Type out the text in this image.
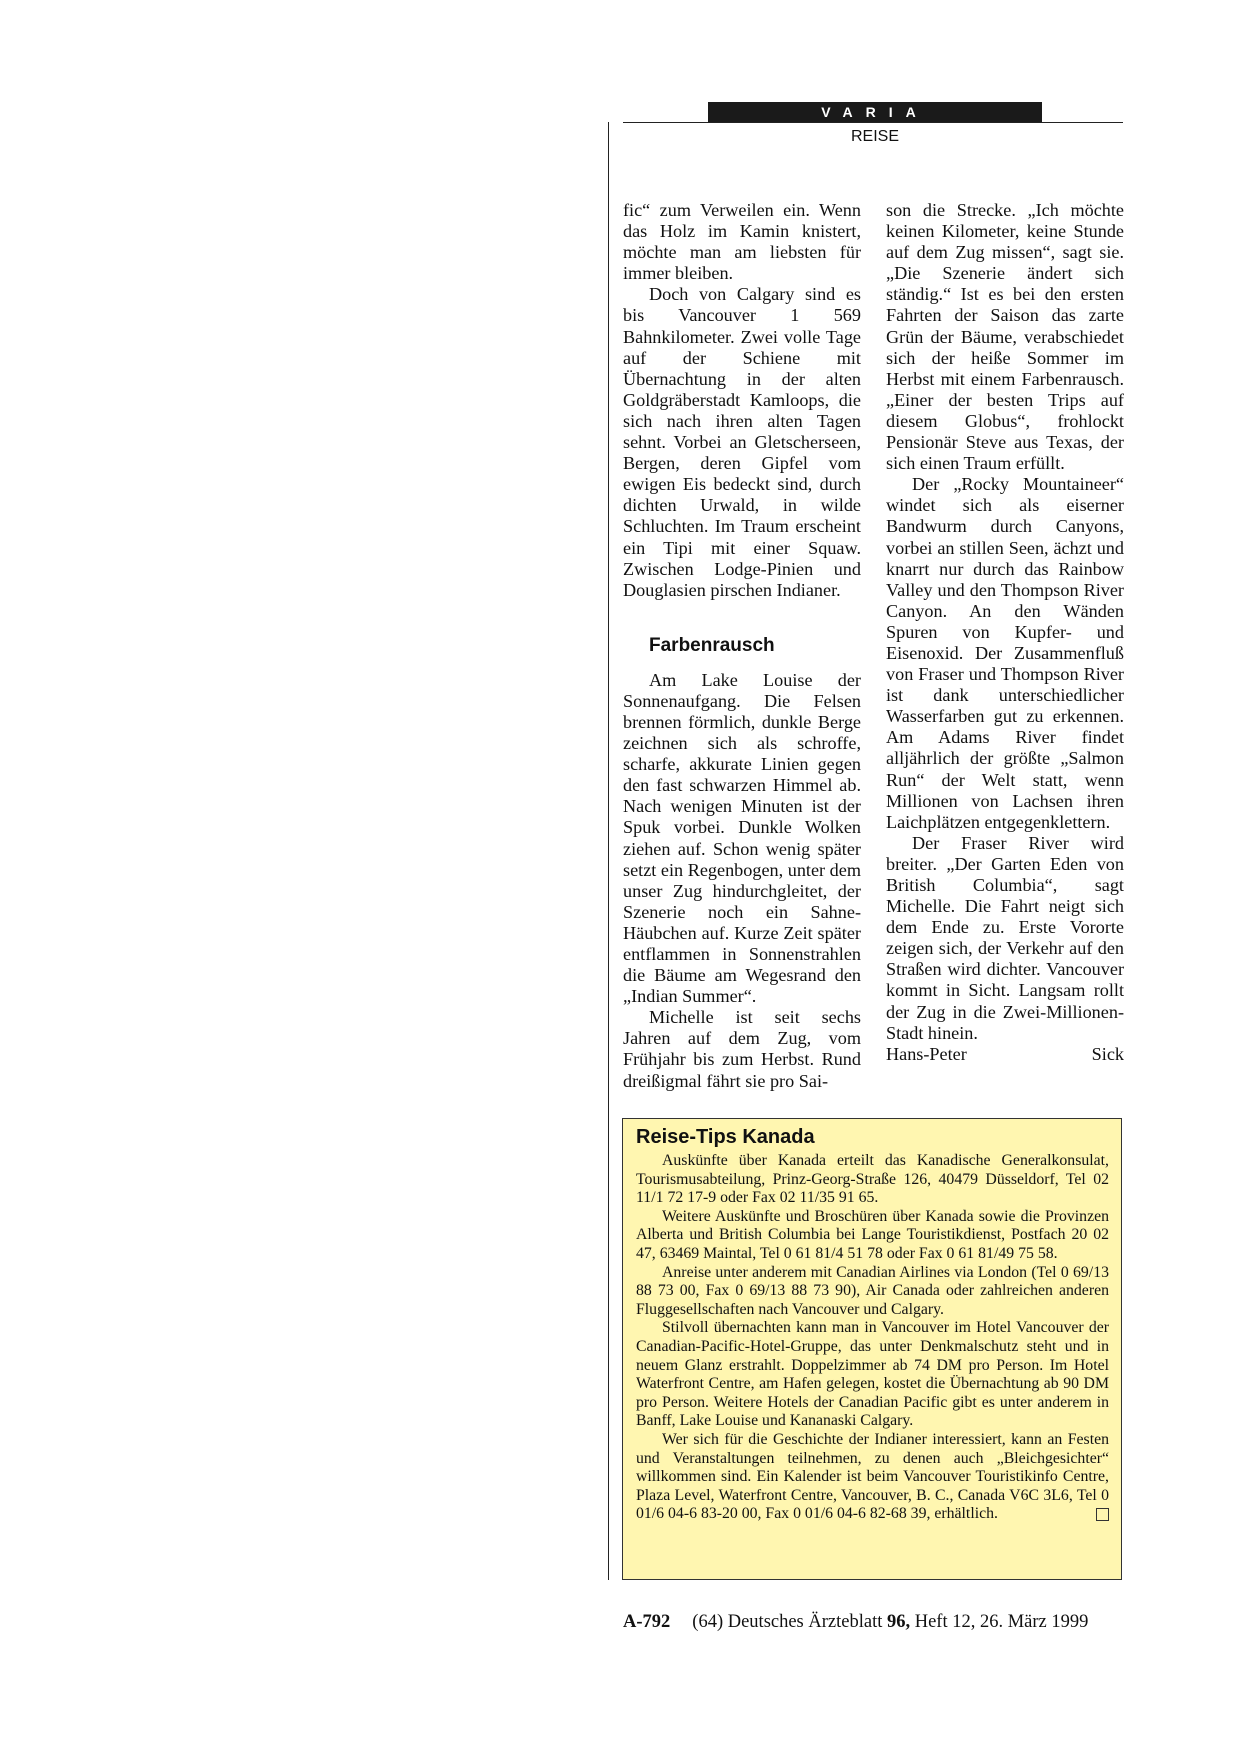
VARIA
REISE

fic“ zum Verweilen ein. Wenn das Holz im Kamin knistert, möchte man am liebsten für immer bleiben.

Doch von Calgary sind es bis Vancouver 1 569 Bahnkilometer. Zwei volle Tage auf der Schiene mit Übernachtung in der alten Goldgräberstadt Kamloops, die sich nach ihren alten Tagen sehnt. Vorbei an Gletscherseen, Bergen, deren Gipfel vom ewigen Eis bedeckt sind, durch dichten Urwald, in wilde Schluchten. Im Traum erscheint ein Tipi mit einer Squaw. Zwischen Lodge-Pinien und Douglasien pirschen Indianer.

Farbenrausch

Am Lake Louise der Sonnenaufgang. Die Felsen brennen förmlich, dunkle Berge zeichnen sich als schroffe, scharfe, akkurate Linien gegen den fast schwarzen Himmel ab. Nach wenigen Minuten ist der Spuk vorbei. Dunkle Wolken ziehen auf. Schon wenig später setzt ein Regenbogen, unter dem unser Zug hindurchgleitet, der Szenerie noch ein Sahne-Häubchen auf. Kurze Zeit später entflammen in Sonnenstrahlen die Bäume am Wegesrand den „Indian Summer“.

Michelle ist seit sechs Jahren auf dem Zug, vom Frühjahr bis zum Herbst. Rund dreißigmal fährt sie pro Sai-

son die Strecke. „Ich möchte keinen Kilometer, keine Stunde auf dem Zug missen“, sagt sie. „Die Szenerie ändert sich ständig.“ Ist es bei den ersten Fahrten der Saison das zarte Grün der Bäume, verabschiedet sich der heiße Sommer im Herbst mit einem Farbenrausch. „Einer der besten Trips auf diesem Globus“, frohlockt Pensionär Steve aus Texas, der sich einen Traum erfüllt.

Der „Rocky Mountaineer“ windet sich als eiserner Bandwurm durch Canyons, vorbei an stillen Seen, ächzt und knarrt nur durch das Rainbow Valley und den Thompson River Canyon. An den Wänden Spuren von Kupfer- und Eisenoxid. Der Zusammenfluß von Fraser und Thompson River ist dank unterschiedlicher Wasserfarben gut zu erkennen. Am Adams River findet alljährlich der größte „Salmon Run“ der Welt statt, wenn Millionen von Lachsen ihren Laichplätzen entgegenklettern.

Der Fraser River wird breiter. „Der Garten Eden von British Columbia“, sagt Michelle. Die Fahrt neigt sich dem Ende zu. Erste Vororte zeigen sich, der Verkehr auf den Straßen wird dichter. Vancouver kommt in Sicht. Langsam rollt der Zug in die Zwei-Millionen-Stadt hinein.

Hans-Peter Sick

Reise-Tips Kanada

Auskünfte über Kanada erteilt das Kanadische Generalkonsulat, Tourismusabteilung, Prinz-Georg-Straße 126, 40479 Düsseldorf, Tel 02 11/1 72 17-9 oder Fax 02 11/35 91 65.

Weitere Auskünfte und Broschüren über Kanada sowie die Provinzen Alberta und British Columbia bei Lange Touristikdienst, Postfach 20 02 47, 63469 Maintal, Tel 0 61 81/4 51 78 oder Fax 0 61 81/49 75 58.

Anreise unter anderem mit Canadian Airlines via London (Tel 0 69/13 88 73 00, Fax 0 69/13 88 73 90), Air Canada oder zahlreichen anderen Fluggesellschaften nach Vancouver und Calgary.

Stilvoll übernachten kann man in Vancouver im Hotel Vancouver der Canadian-Pacific-Hotel-Gruppe, das unter Denkmalschutz steht und in neuem Glanz erstrahlt. Doppelzimmer ab 74 DM pro Person. Im Hotel Waterfront Centre, am Hafen gelegen, kostet die Übernachtung ab 90 DM pro Person. Weitere Hotels der Canadian Pacific gibt es unter anderem in Banff, Lake Louise und Kananaski Calgary.

Wer sich für die Geschichte der Indianer interessiert, kann an Festen und Veranstaltungen teilnehmen, zu denen auch „Bleichgesichter“ willkommen sind. Ein Kalender ist beim Vancouver Touristikinfo Centre, Plaza Level, Waterfront Centre, Vancouver, B. C., Canada V6C 3L6, Tel 0 01/6 04-6 83-20 00, Fax 0 01/6 04-6 82-68 39, erhältlich.

A-792 (64) Deutsches Ärzteblatt 96, Heft 12, 26. März 1999
